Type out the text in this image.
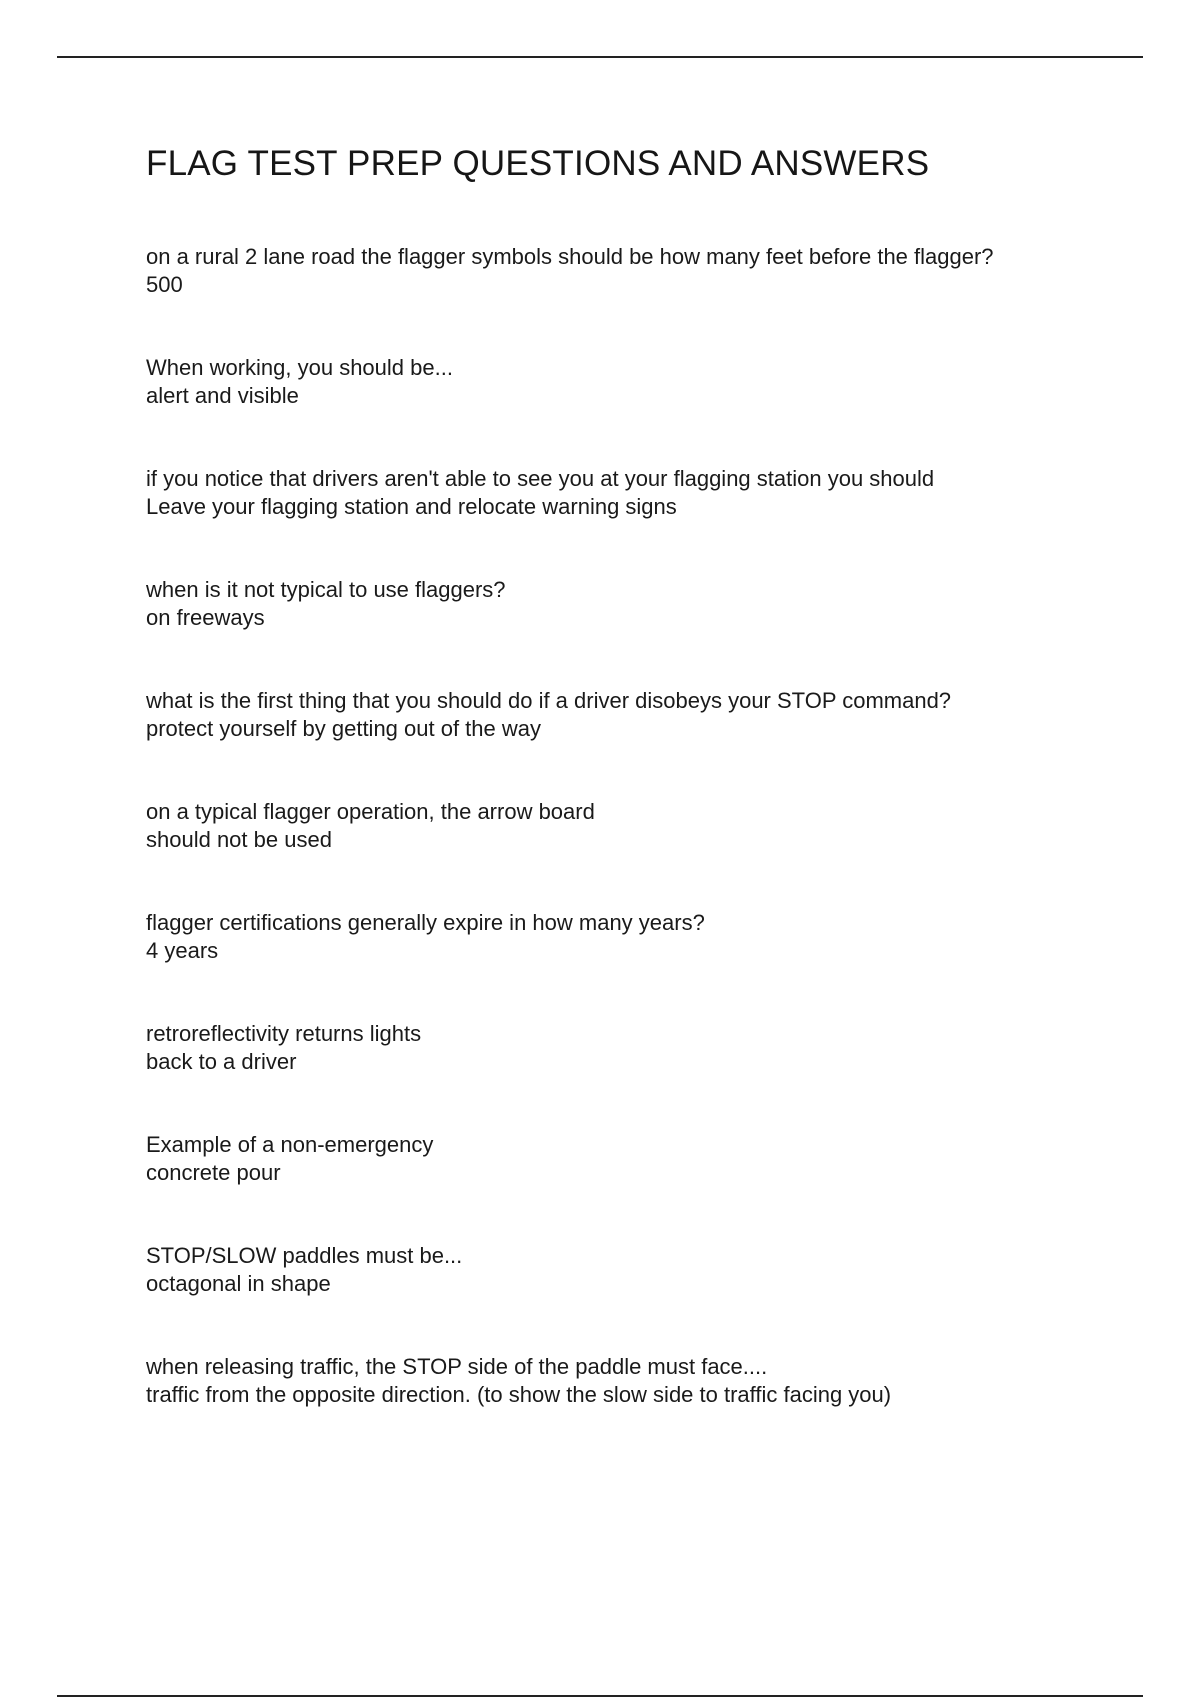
FLAG TEST PREP QUESTIONS AND ANSWERS
on a rural 2 lane road the flagger symbols should be how many feet before the flagger?
500
When working, you should be...
alert and visible
if you notice that drivers aren't able to see you at your flagging station you should
Leave your flagging station and relocate warning signs
when is it not typical to use flaggers?
on freeways
what is the first thing that you should do if a driver disobeys your STOP command?
protect yourself by getting out of the way
on a typical flagger operation, the arrow board
should not be used
flagger certifications generally expire in how many years?
4 years
retroreflectivity returns lights
back to a driver
Example of a non-emergency
concrete pour
STOP/SLOW paddles must be...
octagonal in shape
when releasing traffic, the STOP side of the paddle must face....
traffic from the opposite direction. (to show the slow side to traffic facing you)
